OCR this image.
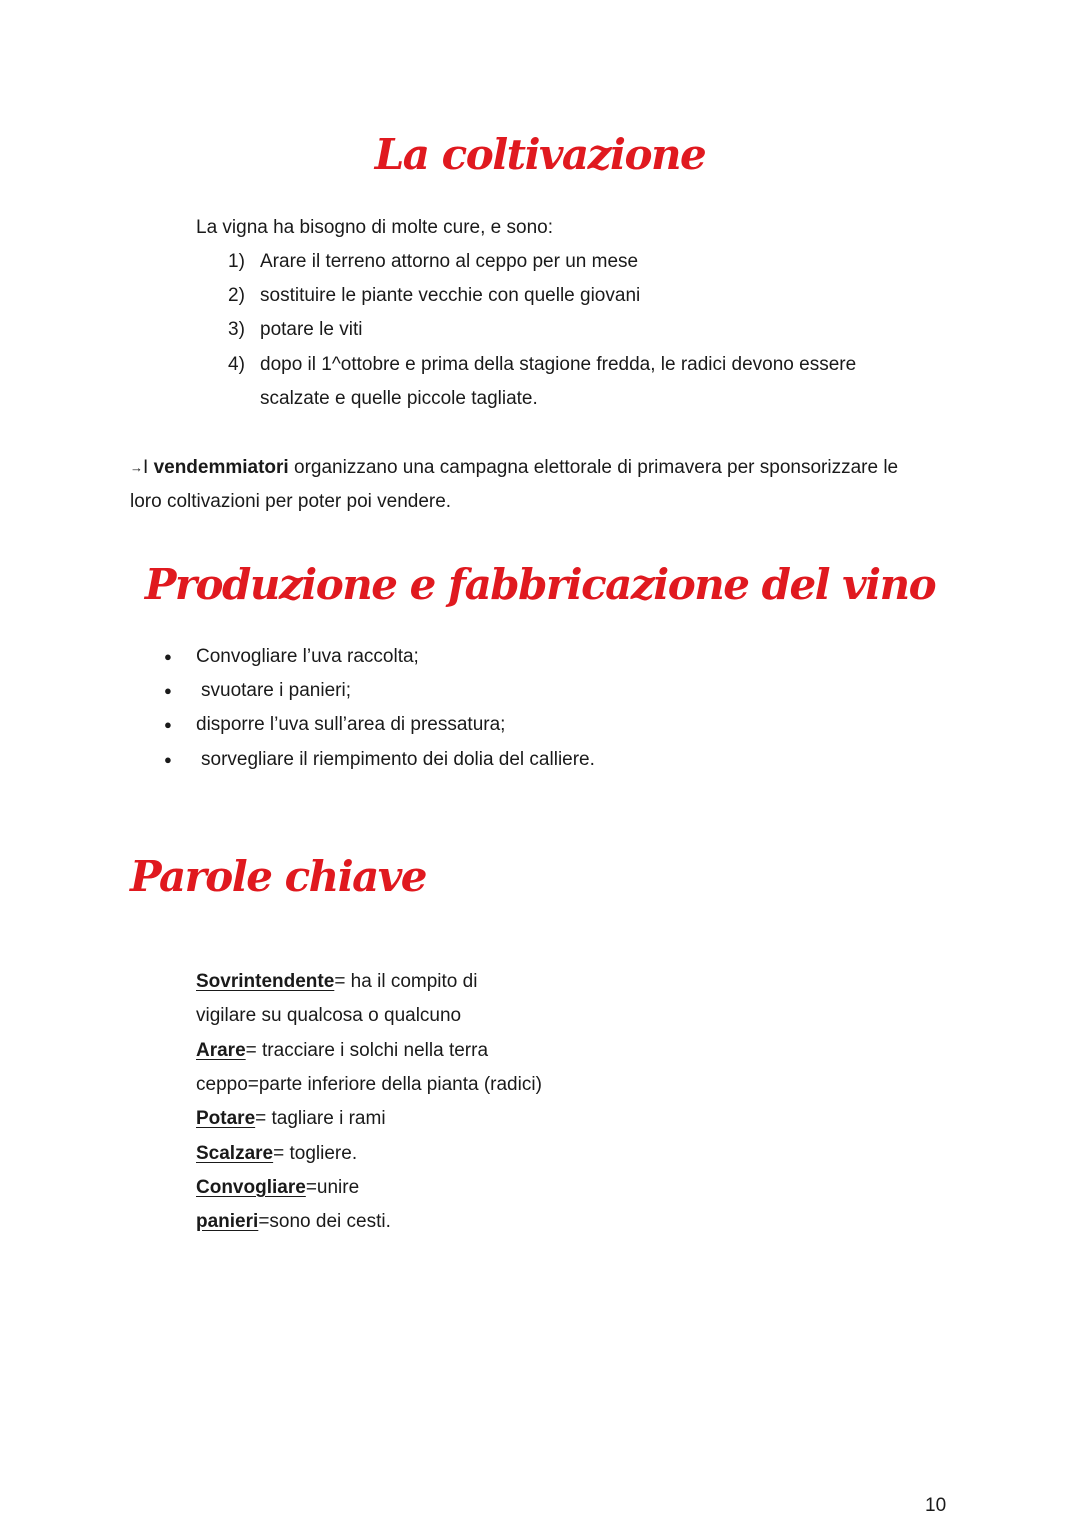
La coltivazione
La vigna ha bisogno di molte cure, e sono:
1) Arare il terreno attorno al ceppo per un mese
2) sostituire le piante vecchie con quelle giovani
3) potare le viti
4) dopo il 1^ottobre e prima della stagione fredda, le radici devono essere
scalzate e quelle piccole tagliate.
→I vendemmiatori organizzano una campagna elettorale di primavera per sponsorizzare le
loro coltivazioni per poter poi vendere.
Produzione e fabbricazione del vino
● Convogliare l’uva raccolta;
● svuotare i panieri;
● disporre l’uva sull’area di pressatura;
● sorvegliare il riempimento dei dolia del calliere.
Parole chiave
Sovrintendente= ha il compito di
vigilare su qualcosa o qualcuno
Arare= tracciare i solchi nella terra
ceppo=parte inferiore della pianta (radici)
Potare= tagliare i rami
Scalzare= togliere.
Convogliare=unire
panieri=sono dei cesti.
10
